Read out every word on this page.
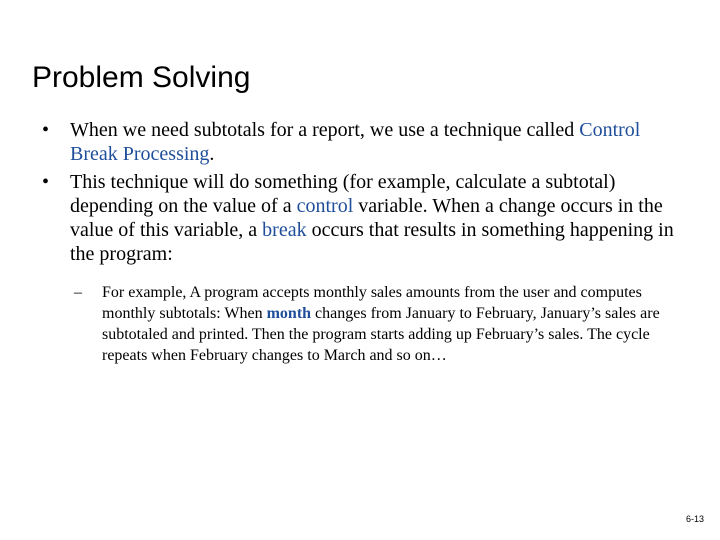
Problem Solving
• When we need subtotals for a report, we use a technique called Control Break Processing.
• This technique will do something (for example, calculate a subtotal) depending on the value of a control variable. When a change occurs in the value of this variable, a break occurs that results in something happening in the program:
– For example, A program accepts monthly sales amounts from the user and computes monthly subtotals: When month changes from January to February, January’s sales are subtotaled and printed. Then the program starts adding up February’s sales. The cycle repeats when February changes to March and so on…
6-13
